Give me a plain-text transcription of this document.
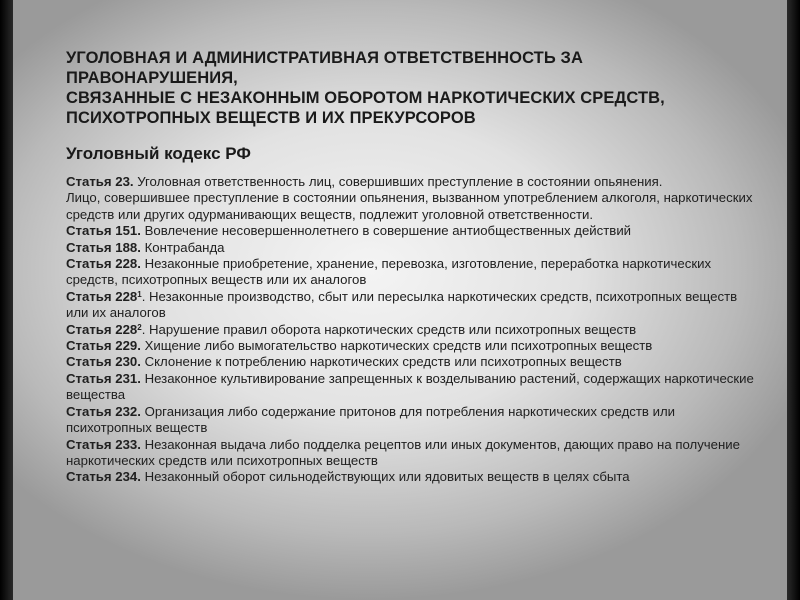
УГОЛОВНАЯ И АДМИНИСТРАТИВНАЯ ОТВЕТСТВЕННОСТЬ ЗА
ПРАВОНАРУШЕНИЯ,
СВЯЗАННЫЕ С НЕЗАКОННЫМ ОБОРОТОМ НАРКОТИЧЕСКИХ СРЕДСТВ,
ПСИХОТРОПНЫХ ВЕЩЕСТВ И ИХ ПРЕКУРСОРОВ
Уголовный кодекс РФ

Статья 23. Уголовная ответственность лиц, совершивших преступление в состоянии опьянения.

Лицо, совершившее преступление в состоянии опьянения, вызванном употреблением алкоголя, наркотических средств или других одурманивающих веществ, подлежит уголовной ответственности.

Статья 151. Вовлечение несовершеннолетнего в совершение антиобщественных действий

Статья 188. Контрабанда

Статья 228. Незаконные приобретение, хранение, перевозка, изготовление, переработка наркотических средств, психотропных веществ или их аналогов

Статья $228^1$. Незаконные производство, сбыт или пересылка наркотических средств, психотропных веществ или их аналогов

Статья $228^2$. Нарушение правил оборота наркотических средств или психотропных веществ

Статья 229. Хищение либо вымогательство наркотических средств или психотропных веществ

Статья 230. Склонение к потреблению наркотических средств или психотропных веществ

Статья 231. Незаконное культивирование запрещенных к возделыванию растений, содержащих наркотические вещества

Статья 232. Организация либо содержание притонов для потребления наркотических средств или психотропных веществ

Статья 233. Незаконная выдача либо подделка рецептов или иных документов, дающих право на получение наркотических средств или психотропных веществ

Статья 234. Незаконный оборот сильнодействующих или ядовитых веществ в целях сбыта
